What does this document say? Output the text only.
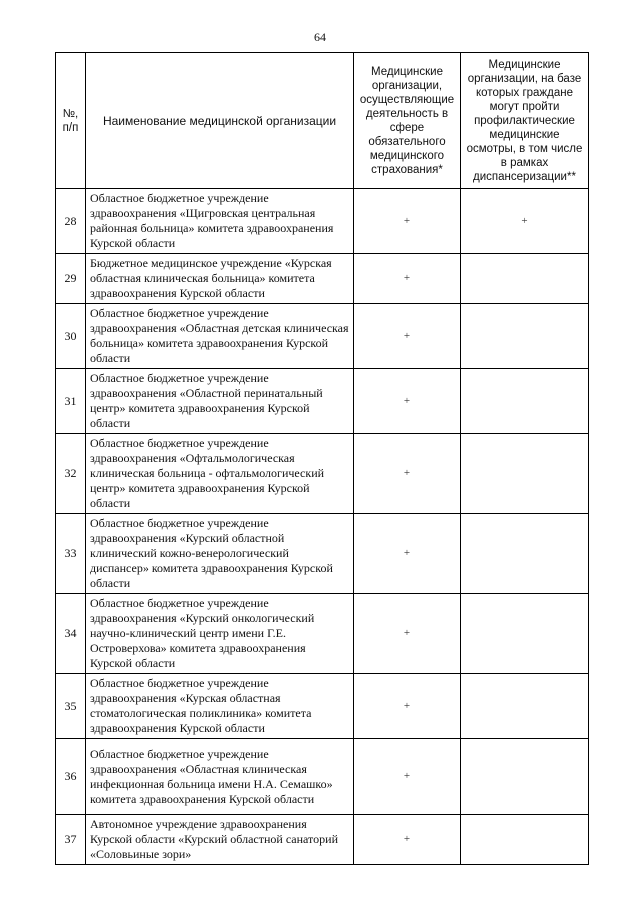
64
№, п/п	Наименование медицинской организации	Медицинские организации, осуществляющие деятельность в сфере обязательного медицинского страхования*	Медицинские организации, на базе которых граждане могут пройти профилактические медицинские осмотры, в том числе в рамках диспансеризации**
28	Областное бюджетное учреждение здравоохранения «Щигровская центральная районная больница» комитета здравоохранения Курской области	+	+
29	Бюджетное медицинское учреждение «Курская областная клиническая больница» комитета здравоохранения Курской области	+	
30	Областное бюджетное учреждение здравоохранения «Областная детская клиническая больница» комитета здравоохранения Курской области	+	
31	Областное бюджетное учреждение здравоохранения «Областной перинатальный центр» комитета здравоохранения Курской области	+	
32	Областное бюджетное учреждение здравоохранения «Офтальмологическая клиническая больница - офтальмологический центр» комитета здравоохранения Курской области	+	
33	Областное бюджетное учреждение здравоохранения «Курский областной клинический кожно-венерологический диспансер» комитета здравоохранения Курской области	+	
34	Областное бюджетное учреждение здравоохранения «Курский онкологический научно-клинический центр имени Г.Е. Островерхова» комитета здравоохранения Курской области	+	
35	Областное бюджетное учреждение здравоохранения «Курская областная стоматологическая поликлиника» комитета здравоохранения Курской области	+	
36	Областное бюджетное учреждение здравоохранения «Областная клиническая инфекционная больница имени Н.А. Семашко» комитета здравоохранения Курской области	+	
37	Автономное учреждение здравоохранения Курской области «Курский областной санаторий «Соловьиные зори»	+	
